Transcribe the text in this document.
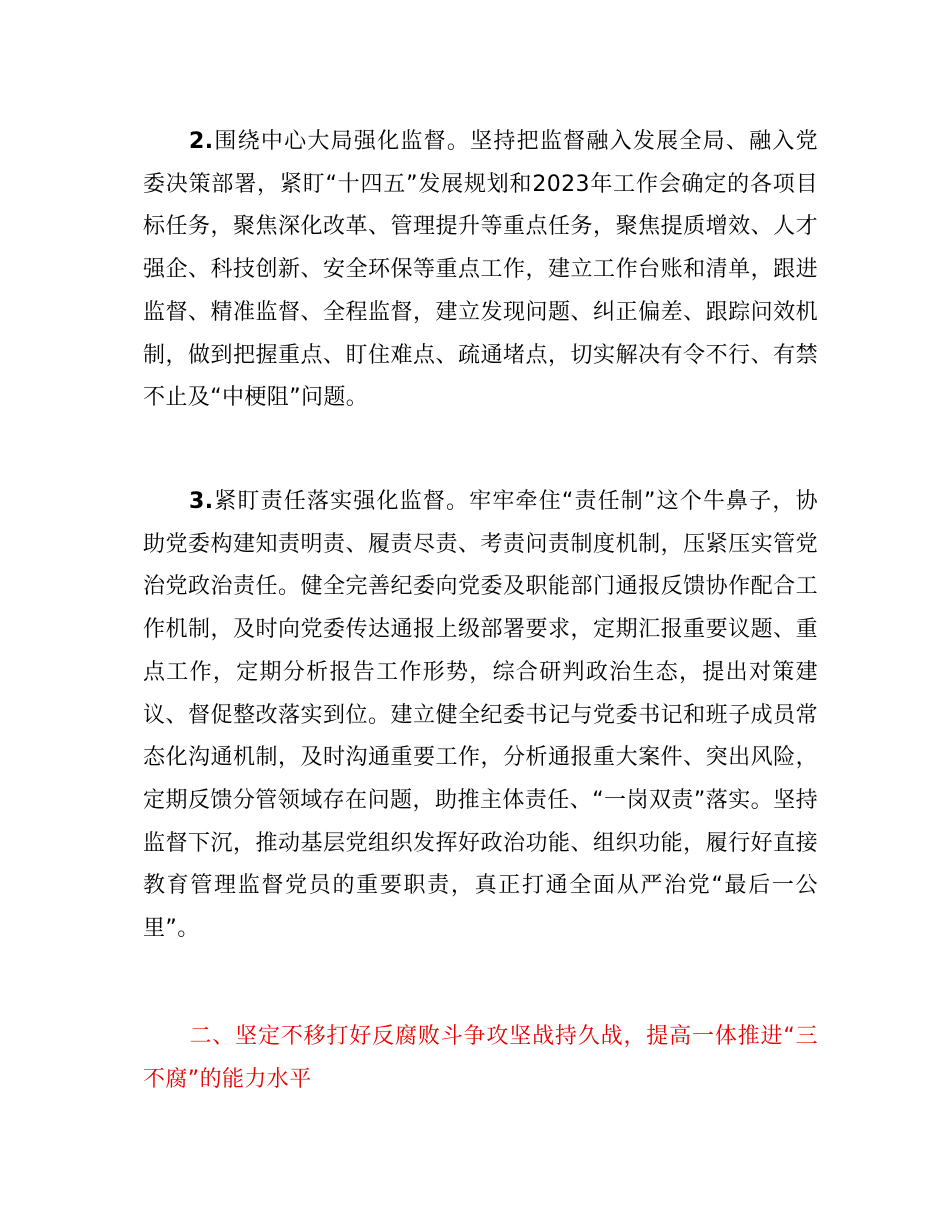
2.围绕中心大局强化监督。坚持把监督融入发展全局、融入党委决策部署，紧盯“十四五”发展规划和2023年工作会确定的各项目标任务，聚焦深化改革、管理提升等重点任务，聚焦提质增效、人才强企、科技创新、安全环保等重点工作，建立工作台账和清单，跟进监督、精准监督、全程监督，建立发现问题、纠正偏差、跟踪问效机制，做到把握重点、盯住难点、疏通堵点，切实解决有令不行、有禁不止及“中梗阻”问题。

3.紧盯责任落实强化监督。牢牢牵住“责任制”这个牛鼻子，协助党委构建知责明责、履责尽责、考责问责制度机制，压紧压实管党治党政治责任。健全完善纪委向党委及职能部门通报反馈协作配合工作机制，及时向党委传达通报上级部署要求，定期汇报重要议题、重点工作，定期分析报告工作形势，综合研判政治生态，提出对策建议、督促整改落实到位。建立健全纪委书记与党委书记和班子成员常态化沟通机制，及时沟通重要工作，分析通报重大案件、突出风险，定期反馈分管领域存在问题，助推主体责任、“一岗双责”落实。坚持监督下沉，推动基层党组织发挥好政治功能、组织功能，履行好直接教育管理监督党员的重要职责，真正打通全面从严治党“最后一公里”。

二、坚定不移打好反腐败斗争攻坚战持久战，提高一体推进“三不腐”的能力水平
